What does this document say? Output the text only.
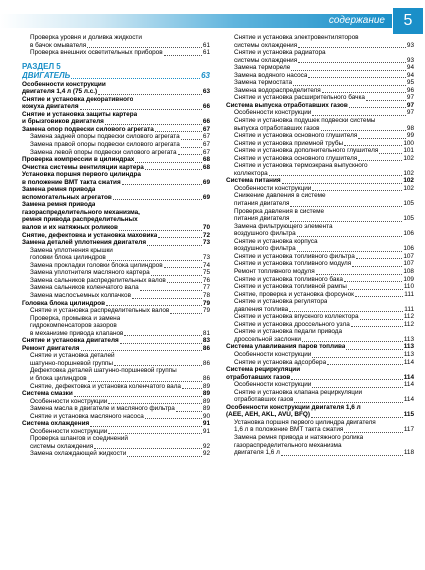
содержание	5
Проверка уровня и доливка жидкости
в бачок омывателя	61
Проверка внешних осветительных приборов	61
РАЗДЕЛ 5
ДВИГАТЕЛЬ	63
Особенности конструкции
двигателя 1,4 л (75 л.с.)	63
Снятие и установка декоративного
кожуха двигателя	66
Снятие и установка защиты картера
и брызговиков двигателя	66
Замена опор подвески силового агрегата	67
Замена задней опоры подвески силового агрегата	67
Замена правой опоры подвески силового агрегата	67
Замена левой опоры подвески силового агрегата	67
Проверка компрессии в цилиндрах	68
Очистка системы вентиляции картера	68
Установка поршня первого цилиндра
в положение ВМТ такта сжатия	69
Замена ремня привода
вспомогательных агрегатов	69
Замена ремня привода
газораспределительного механизма,
ремня привода распределительных
валов и их натяжных роликов	70
Снятие, дефектовка и установка маховика	72
Замена деталей уплотнения двигателя	73
Замена уплотнения крышки
головки блока цилиндров	73
Замена прокладки головки блока цилиндров	74
Замена уплотнителя масляного картера	75
Замена сальников распределительных валов	76
Замена сальников коленчатого вала	77
Замена маслосъемных колпачков	78
Головка блока цилиндров	79
Снятие и установка распределительных валов	79
Проверка, промывка и замена
гидрокомпенсаторов зазоров
в механизме привода клапанов	81
Снятие и установка двигателя	83
Ремонт двигателя	86
Снятие и установка деталей
шатунно-поршневой группы	86
Дефектовка деталей шатунно-поршневой группы
и блока цилиндров	86
Снятие, дефектовка и установка коленчатого вала	89
Система смазки	89
Особенности конструкции	89
Замена масла в двигателе и масляного фильтра	89
Снятие и установка масляного насоса	90
Система охлаждения	91
Особенности конструкции	91
Проверка шлангов и соединений
системы охлаждения	92
Замена охлаждающей жидкости	92
Снятие и установка электровентиляторов
системы охлаждения	93
Снятие и установка радиатора
системы охлаждения	93
Замена термореле	94
Замена водяного насоса	94
Замена термостата	95
Замена водораспределителя	96
Снятие и установка расширительного бачка	97
Система выпуска отработавших газов	97
Особенности конструкции	97
Снятие и установка подушек подвески системы
выпуска отработавших газов	98
Снятие и установка основного глушителя	99
Снятие и установка приемной трубы	100
Снятие и установка дополнительного глушителя	101
Снятие и установка основного глушителя	102
Снятие и установка термоэкрана выпускного
коллектора	102
Система питания	102
Особенности конструкции	102
Снижение давления в системе
питания двигателя	105
Проверка давления в системе
питания двигателя	105
Замена фильтрующего элемента
воздушного фильтра	106
Снятие и установка корпуса
воздушного фильтра	106
Снятие и установка топливного фильтра	107
Снятие и установка топливного модуля	107
Ремонт топливного модуля	108
Снятие и установка топливного бака	109
Снятие и установка топливной рампы	110
Снятие, проверка и установка форсунок	111
Снятие и установка регулятора
давления топлива	111
Снятие и установка впускного коллектора	112
Снятие и установка дроссельного узла	112
Снятие и установка педали привода
дроссельной заслонки	113
Система улавливания паров топлива	113
Особенности конструкции	113
Снятие и установка адсорбера	114
Система рециркуляции
отработавших газов	114
Особенности конструкции	114
Снятие и установка клапана рециркуляции
отработавших газов	114
Особенности конструкции двигателя 1,6 л
(AEE, AEH, AKL, AVU, BFQ)	115
Установка поршня первого цилиндра двигателя
1,6 л в положение ВМТ такта сжатия	117
Замена ремня привода и натяжного ролика
газораспределительного механизма
двигателя 1,6 л	118
